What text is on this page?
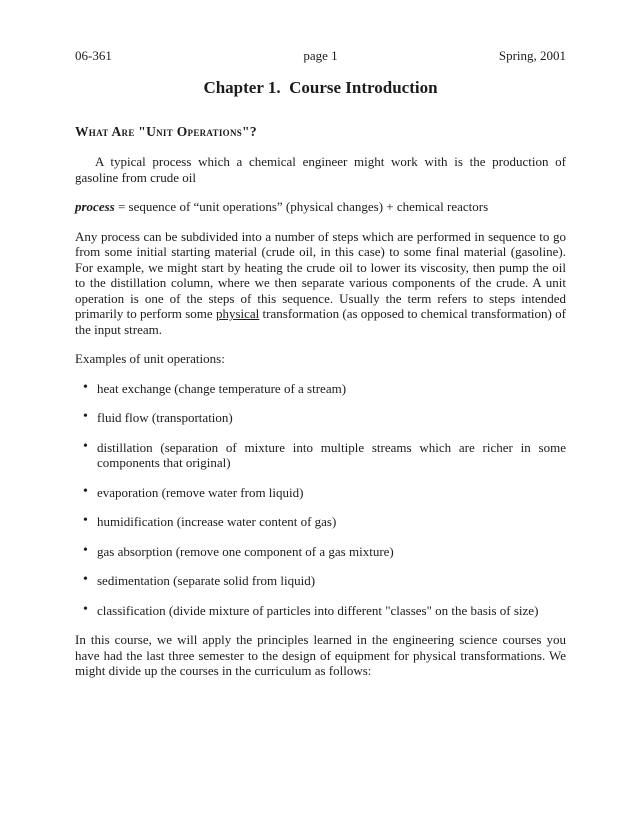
06-361	page 1	Spring, 2001
Chapter 1.  Course Introduction
What Are "Unit Operations"?

A typical process which a chemical engineer might work with is the production of gasoline from crude oil

process = sequence of “unit operations” (physical changes) + chemical reactors

Any process can be subdivided into a number of steps which are performed in sequence to go from some initial starting material (crude oil, in this case) to some final material (gasoline). For example, we might start by heating the crude oil to lower its viscosity, then pump the oil to the distillation column, where we then separate various components of the crude. A unit operation is one of the steps of this sequence. Usually the term refers to steps intended primarily to perform some physical transformation (as opposed to chemical transformation) of the input stream.

Examples of unit operations:

• heat exchange (change temperature of a stream)
• fluid flow (transportation)
• distillation (separation of mixture into multiple streams which are richer in some components that original)
• evaporation (remove water from liquid)
• humidification (increase water content of gas)
• gas absorption (remove one component of a gas mixture)
• sedimentation (separate solid from liquid)
• classification (divide mixture of particles into different "classes" on the basis of size)

In this course, we will apply the principles learned in the engineering science courses you have had the last three semester to the design of equipment for physical transformations. We might divide up the courses in the curriculum as follows:
